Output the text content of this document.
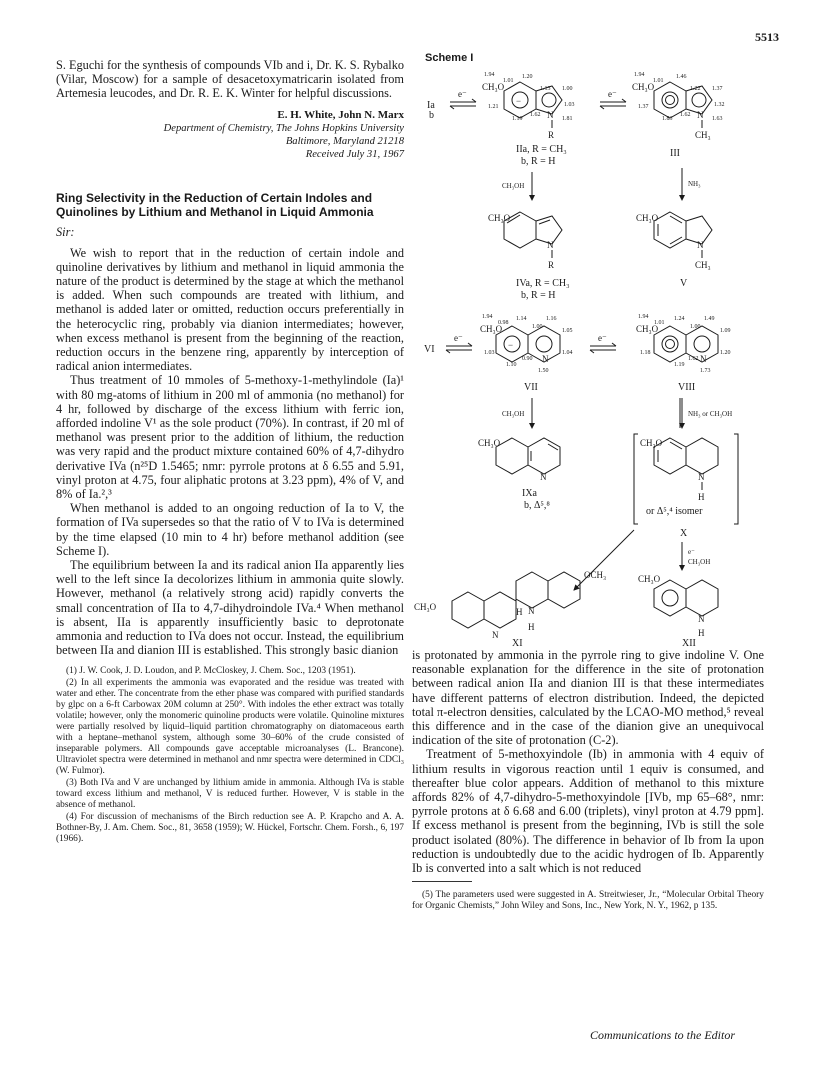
5513

S. Eguchi for the synthesis of compounds VIb and i, Dr. K. S. Rybalko (Vilar, Moscow) for a sample of desacetoxymatricarin isolated from Artemesia leucodes, and Dr. R. E. K. Winter for helpful discussions.

E. H. White, John N. Marx
Department of Chemistry, The Johns Hopkins University
Baltimore, Maryland 21218
Received July 31, 1967
Ring Selectivity in the Reduction of Certain Indoles and Quinolines by Lithium and Methanol in Liquid Ammonia
Sir:

We wish to report that in the reduction of certain indole and quinoline derivatives by lithium and methanol in liquid ammonia the nature of the product is determined by the stage at which the methanol is added. When such compounds are treated with lithium, and methanol is added later or omitted, reduction occurs preferentially in the heterocyclic ring, probably via dianion intermediates; however, when excess methanol is present from the beginning of the reaction, reduction occurs in the benzene ring, apparently by interception of radical anion intermediates.

Thus treatment of 10 mmoles of 5-methoxy-1-methylindole (Ia)¹ with 80 mg-atoms of lithium in 200 ml of ammonia (no methanol) for 4 hr, followed by discharge of the excess lithium with ferric ion, afforded indoline V¹ as the sole product (70%). In contrast, if 20 ml of methanol was present prior to the addition of lithium, the reduction was very rapid and the product mixture contained 60% of 4,7-dihydro derivative IVa (n²⁵D 1.5465; nmr: pyrrole protons at δ 6.55 and 5.91, vinyl proton at 4.75, four aliphatic protons at 3.23 ppm), 4% of V, and 8% of Ia.²,³

When methanol is added to an ongoing reduction of Ia to V, the formation of IVa supersedes so that the ratio of V to IVa is determined by the time elapsed (10 min to 4 hr) before methanol addition (see Scheme I).

The equilibrium between Ia and its radical anion IIa apparently lies well to the left since Ia decolorizes lithium in ammonia quite slowly. However, methanol (a relatively strong acid) rapidly converts the small concentration of IIa to 4,7-dihydroindole IVa.⁴ When methanol is absent, IIa is apparently insufficiently basic to deprotonate ammonia and reduction to IVa does not occur. Instead, the equilibrium between IIa and dianion III is established. This strongly basic dianion

(1) J. W. Cook, J. D. Loudon, and P. McCloskey, J. Chem. Soc., 1203 (1951).

(2) In all experiments the ammonia was evaporated and the residue was treated with water and ether. The concentrate from the ether phase was compared with purified standards by glpc on a 6-ft Carbowax 20M column at 250°. With indoles the ether extract was totally volatile; however, only the monomeric quinoline products were volatile. Quinoline mixtures were partially resolved by liquid–liquid partition chromatography on diatomaceous earth with a heptane–methanol system, although some 30–60% of the crude consisted of inseparable polymers. All compounds gave acceptable microanalyses (L. Brancone). Ultraviolet spectra were determined in methanol and nmr spectra were determined in CDCl₃ (W. Fulmor).

(3) Both IVa and V are unchanged by lithium amide in ammonia. Although IVa is stable toward excess lithium and methanol, V is reduced further. However, V is stable in the absence of methanol.

(4) For discussion of mechanisms of the Birch reduction see A. P. Krapcho and A. A. Bothner-By, J. Am. Chem. Soc., 81, 3658 (1959); W. Hückel, Fortschr. Chem. Forsh., 6, 197 (1966).

Scheme I
Ia
b
e⁻
−
CH₃O
1.94
1.01
1.20
1.13 1.00
1.21	1.03
1.19
1.62
1.81
N
R
IIa, R = CH₃
b, R = H
e⁻
CH₃O
1.94
1.01
1.46
1.22 1.37
1.37	1.32
1.83
1.62
1.63
N
CH₃
III
CH₃OH	NH₃
CH₃O
N
R
IVa, R = CH₃
b, R = H
CH₃O
N
CH₃
V
VI
e⁻
−
CH₃O
1.94
0.98
1.14
1.00
1.16
1.05
1.03	1.04
1.10
0.90
1.50
N
VII
e⁻
CH₃O
1.94
1.01
1.24
1.00
1.49
1.09
1.18	1.20
1.19
1.62
1.73
N
VIII
CH₃OH	NH₃ or CH₃OH
CH₃O
N
IXa
b, Δ⁵,⁸
CH₃O
N
H
or Δ⁵,⁴ isomer
X
e⁻
CH₃OH
CH₃O
OCH₃
N
H N
H
XI
CH₃O
N
H
XII

is protonated by ammonia in the pyrrole ring to give indoline V. One reasonable explanation for the difference in the site of protonation between radical anion IIa and dianion III is that these intermediates have different patterns of electron distribution. Indeed, the depicted total π-electron densities, calculated by the LCAO-MO method,⁵ reveal this difference and in the case of the dianion give an unequivocal indication of the site of protonation (C-2).

Treatment of 5-methoxyindole (Ib) in ammonia with 4 equiv of lithium results in vigorous reaction until 1 equiv is consumed, and thereafter blue color appears. Addition of methanol to this mixture affords 82% of 4,7-dihydro-5-methoxyindole [IVb, mp 65–68°, nmr: pyrrole protons at δ 6.68 and 6.00 (triplets), vinyl proton at 4.79 ppm]. If excess methanol is present from the beginning, IVb is still the sole product isolated (80%). The difference in behavior of Ib from Ia upon reduction is undoubtedly due to the acidic hydrogen of Ib. Apparently Ib is converted into a salt which is not reduced

(5) The parameters used were suggested in A. Streitwieser, Jr., “Molecular Orbital Theory for Organic Chemists,” John Wiley and Sons, Inc., New York, N. Y., 1962, p 135.

Communications to the Editor
